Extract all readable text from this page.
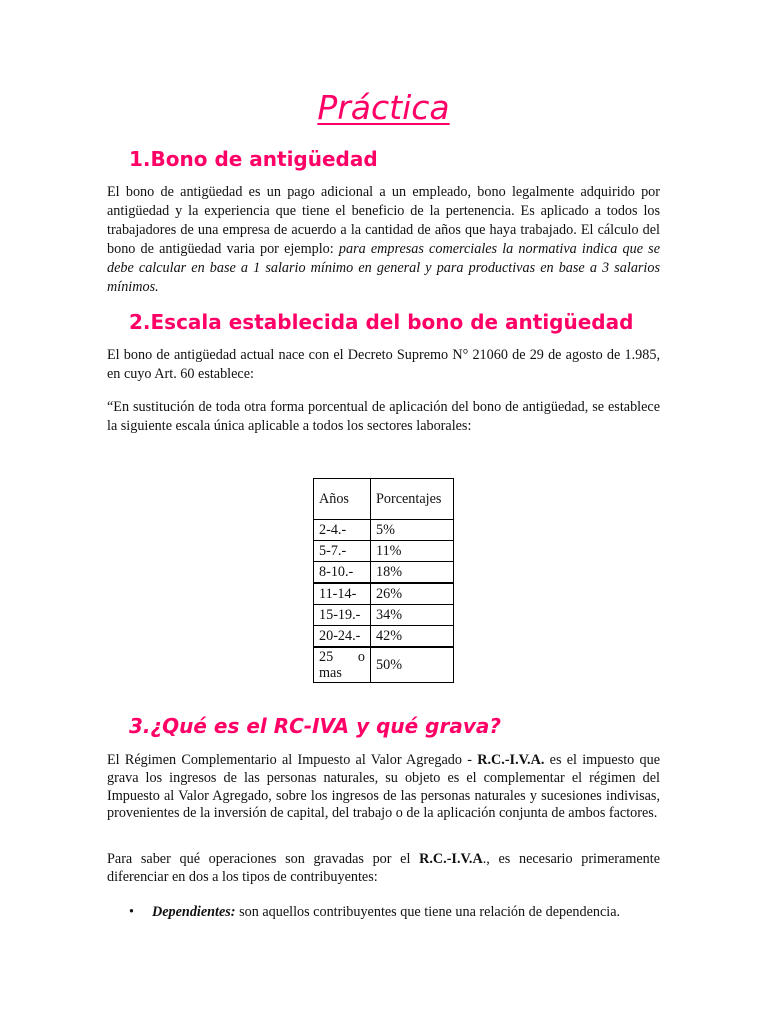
Práctica
1.Bono de antigüedad

El bono de antigüedad es un pago adicional a un empleado, bono legalmente adquirido por antigüedad y la experiencia que tiene el beneficio de la pertenencia. Es aplicado a todos los trabajadores de una empresa de acuerdo a la cantidad de años que haya trabajado. El cálculo del bono de antigüedad varia por ejemplo: para empresas comerciales la normativa indica que se debe calcular en base a 1 salario mínimo en general y para productivas en base a 3 salarios mínimos.

2.Escala establecida del bono de antigüedad

El bono de antigüedad actual nace con el Decreto Supremo N° 21060 de 29 de agosto de 1.985, en cuyo Art. 60 establece:

“En sustitución de toda otra forma porcentual de aplicación del bono de antigüedad, se establece la siguiente escala única aplicable a todos los sectores laborales:

Años	Porcentajes
2-4.-	5%
5-7.-	11%
8-10.-	18%
11-14-	26%
15-19.-	34%
20-24.-	42%

25 o
mas	50%
3.¿Qué es el RC-IVA y qué grava?

El Régimen Complementario al Impuesto al Valor Agregado - R.C.-I.V.A. es el impuesto que grava los ingresos de las personas naturales, su objeto es el complementar el régimen del Impuesto al Valor Agregado, sobre los ingresos de las personas naturales y sucesiones indivisas, provenientes de la inversión de capital, del trabajo o de la aplicación conjunta de ambos factores.

Para saber qué operaciones son gravadas por el R.C.-I.V.A., es necesario primeramente diferenciar en dos a los tipos de contribuyentes:

• Dependientes: son aquellos contribuyentes que tiene una relación de dependencia.
